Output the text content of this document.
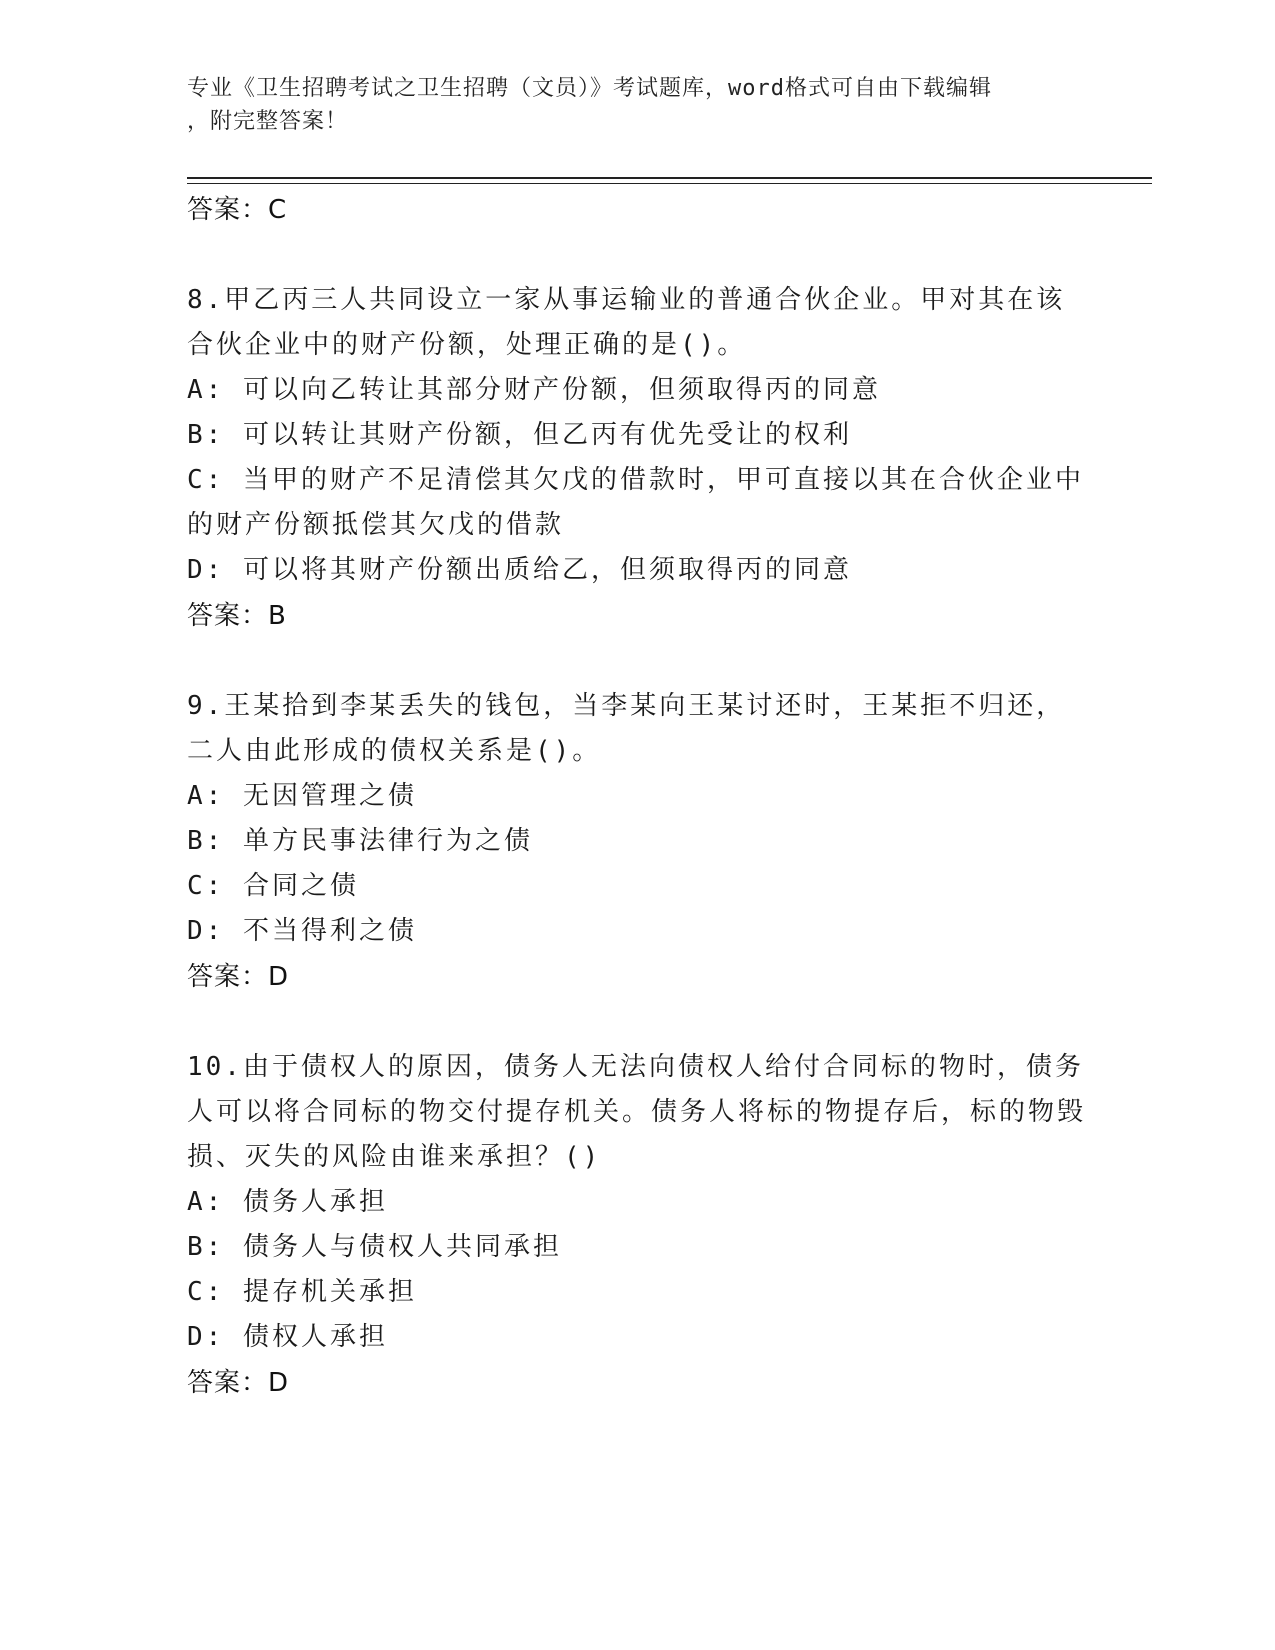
专业《卫生招聘考试之卫生招聘（文员）》考试题库，word格式可自由下载编辑
，附完整答案！
答案：C
8.甲乙丙三人共同设立一家从事运输业的普通合伙企业。甲对其在该合伙企业中的财产份额，处理正确的是()。
A: 可以向乙转让其部分财产份额，但须取得丙的同意
B: 可以转让其财产份额，但乙丙有优先受让的权利
C: 当甲的财产不足清偿其欠戊的借款时，甲可直接以其在合伙企业中的财产份额抵偿其欠戊的借款
D: 可以将其财产份额出质给乙，但须取得丙的同意
答案：B
9.王某拾到李某丢失的钱包，当李某向王某讨还时，王某拒不归还，二人由此形成的债权关系是()。
A: 无因管理之债
B: 单方民事法律行为之债
C: 合同之债
D: 不当得利之债
答案：D
10.由于债权人的原因，债务人无法向债权人给付合同标的物时，债务人可以将合同标的物交付提存机关。债务人将标的物提存后，标的物毁损、灭失的风险由谁来承担？()
A: 债务人承担
B: 债务人与债权人共同承担
C: 提存机关承担
D: 债权人承担
答案：D
